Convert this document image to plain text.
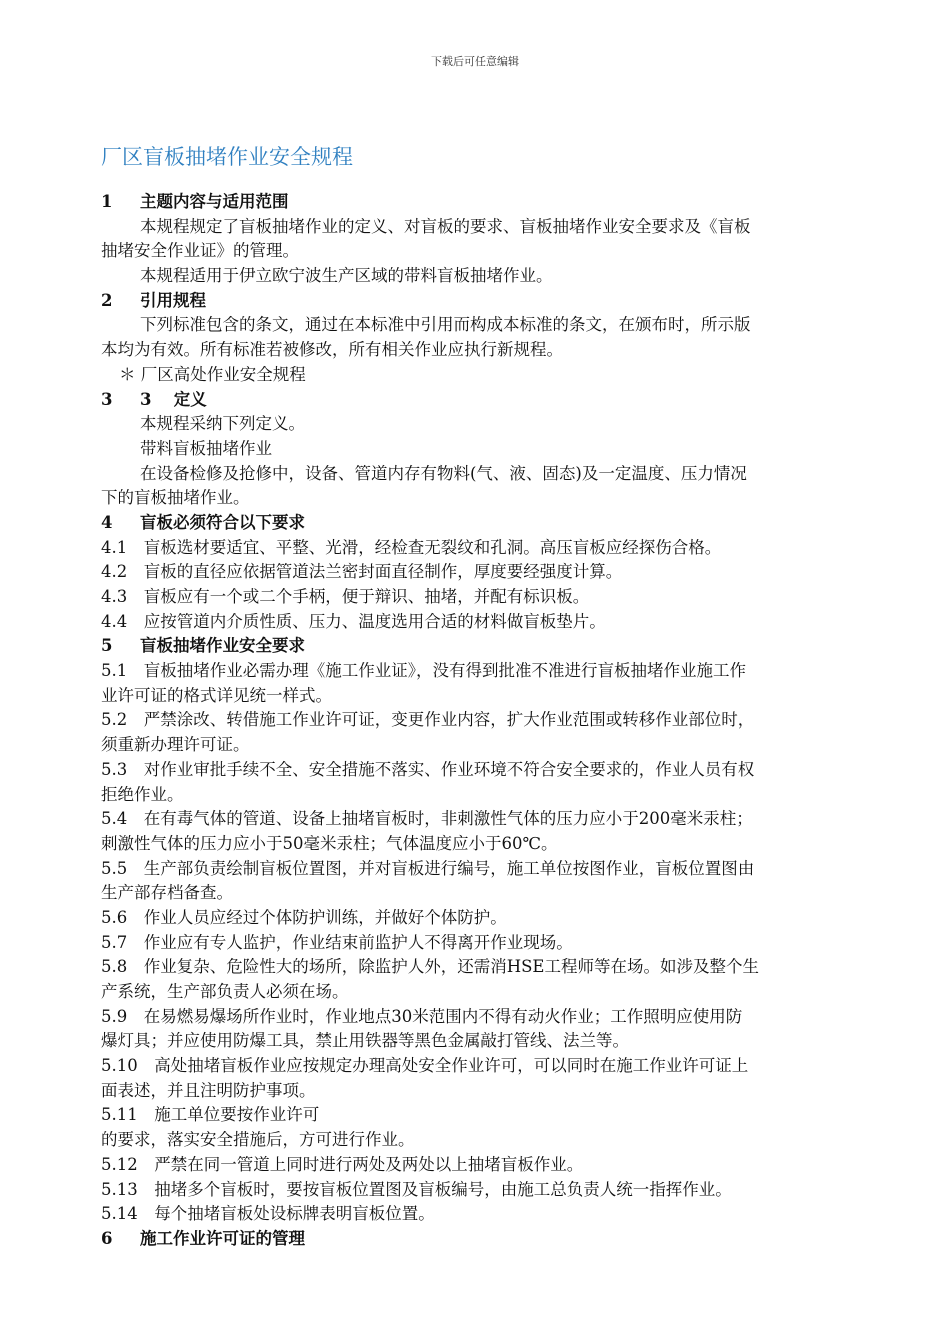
下载后可任意编辑
厂区盲板抽堵作业安全规程
1 主题内容与适用范围
本规程规定了盲板抽堵作业的定义、对盲板的要求、盲板抽堵作业安全要求及《盲板
抽堵安全作业证》的管理。
本规程适用于伊立欧宁波生产区域的带料盲板抽堵作业。
2 引用规程
下列标准包含的条文，通过在本标准中引用而构成本标准的条文，在颁布时，所示版
本均为有效。所有标准若被修改，所有相关作业应执行新规程。
＊ 厂区高处作业安全规程
3 3　 定义
本规程采纳下列定义。
带料盲板抽堵作业
在设备检修及抢修中，设备、管道内存有物料(气、液、固态)及一定温度、压力情况
下的盲板抽堵作业。
4 盲板必须符合以下要求
4.1　盲板选材要适宜、平整、光滑，经检查无裂纹和孔洞。高压盲板应经探伤合格。
4.2　盲板的直径应依据管道法兰密封面直径制作，厚度要经强度计算。
4.3　盲板应有一个或二个手柄，便于辩识、抽堵，并配有标识板。
4.4　应按管道内介质性质、压力、温度选用合适的材料做盲板垫片。
5 盲板抽堵作业安全要求
5.1　盲板抽堵作业必需办理《施工作业证》，没有得到批准不准进行盲板抽堵作业施工作
业许可证的格式详见统一样式。
5.2　严禁涂改、转借施工作业许可证，变更作业内容，扩大作业范围或转移作业部位时，
须重新办理许可证。
5.3　对作业审批手续不全、安全措施不落实、作业环境不符合安全要求的，作业人员有权
拒绝作业。
5.4　在有毒气体的管道、设备上抽堵盲板时，非刺激性气体的压力应小于200毫米汞柱；
刺激性气体的压力应小于50毫米汞柱；气体温度应小于60℃。
5.5　生产部负责绘制盲板位置图，并对盲板进行编号，施工单位按图作业，盲板位置图由
生产部存档备查。
5.6　作业人员应经过个体防护训练，并做好个体防护。
5.7　作业应有专人监护，作业结束前监护人不得离开作业现场。
5.8　作业复杂、危险性大的场所，除监护人外，还需消HSE工程师等在场。如涉及整个生
产系统，生产部负责人必须在场。
5.9　在易燃易爆场所作业时，作业地点30米范围内不得有动火作业；工作照明应使用防
爆灯具；并应使用防爆工具，禁止用铁器等黑色金属敲打管线、法兰等。
5.10　高处抽堵盲板作业应按规定办理高处安全作业许可，可以同时在施工作业许可证上
面表述，并且注明防护事项。
5.11　施工单位要按作业许可
的要求，落实安全措施后，方可进行作业。
5.12　严禁在同一管道上同时进行两处及两处以上抽堵盲板作业。
5.13　抽堵多个盲板时，要按盲板位置图及盲板编号，由施工总负责人统一指挥作业。
5.14　每个抽堵盲板处设标牌表明盲板位置。
6 施工作业许可证的管理
